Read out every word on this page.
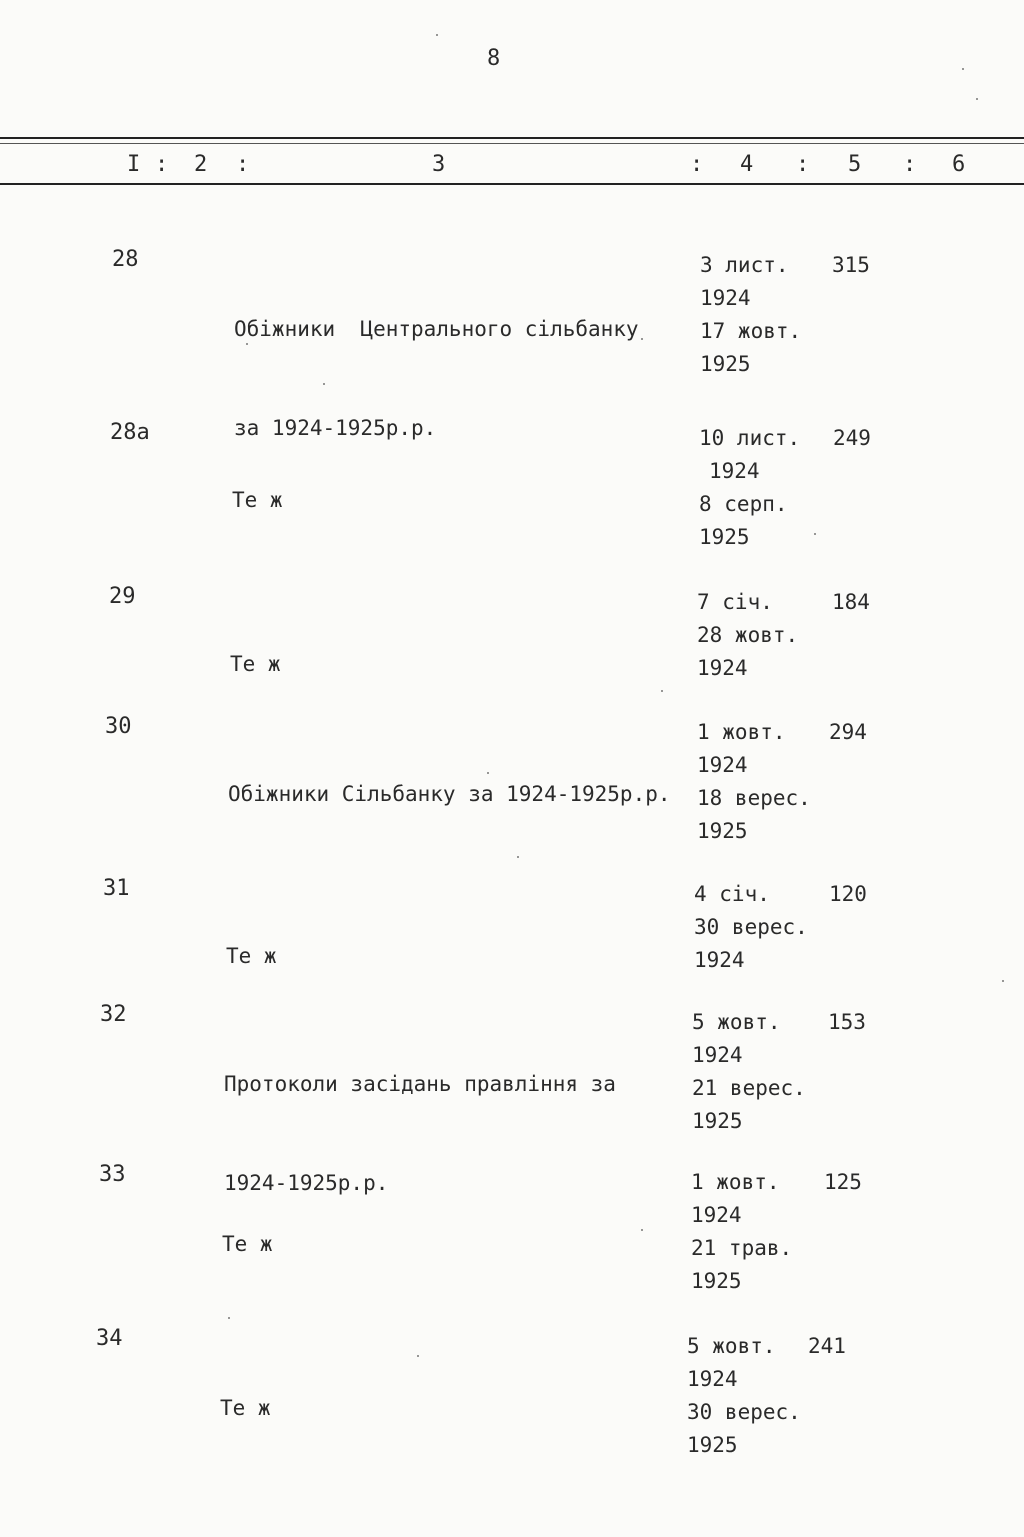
8
I : 2 :	3	: 4 : 5 : 6
28

Обіжники  Центрального сільбанку

за 1924-1925р.р.

3 лист.
1924
17 жовт.
1925
315
28а

Те ж

10 лист.
1924
8 серп.
1925
249
29

Те ж

7 січ.
28 жовт.
1924
184
30

Обіжники Сільбанку за 1924-1925р.р.

1 жовт.
1924
18 верес.
1925
294
31

Те ж

4 січ.
30 верес.
1924
120
32

Протоколи засідань правління за

1924-1925р.р.

5 жовт.
1924
21 верес.
1925
153
33

Те ж

1 жовт.
1924
21 трав.
1925
125
34

Те ж

5 жовт.
1924
30 верес.
1925
241
